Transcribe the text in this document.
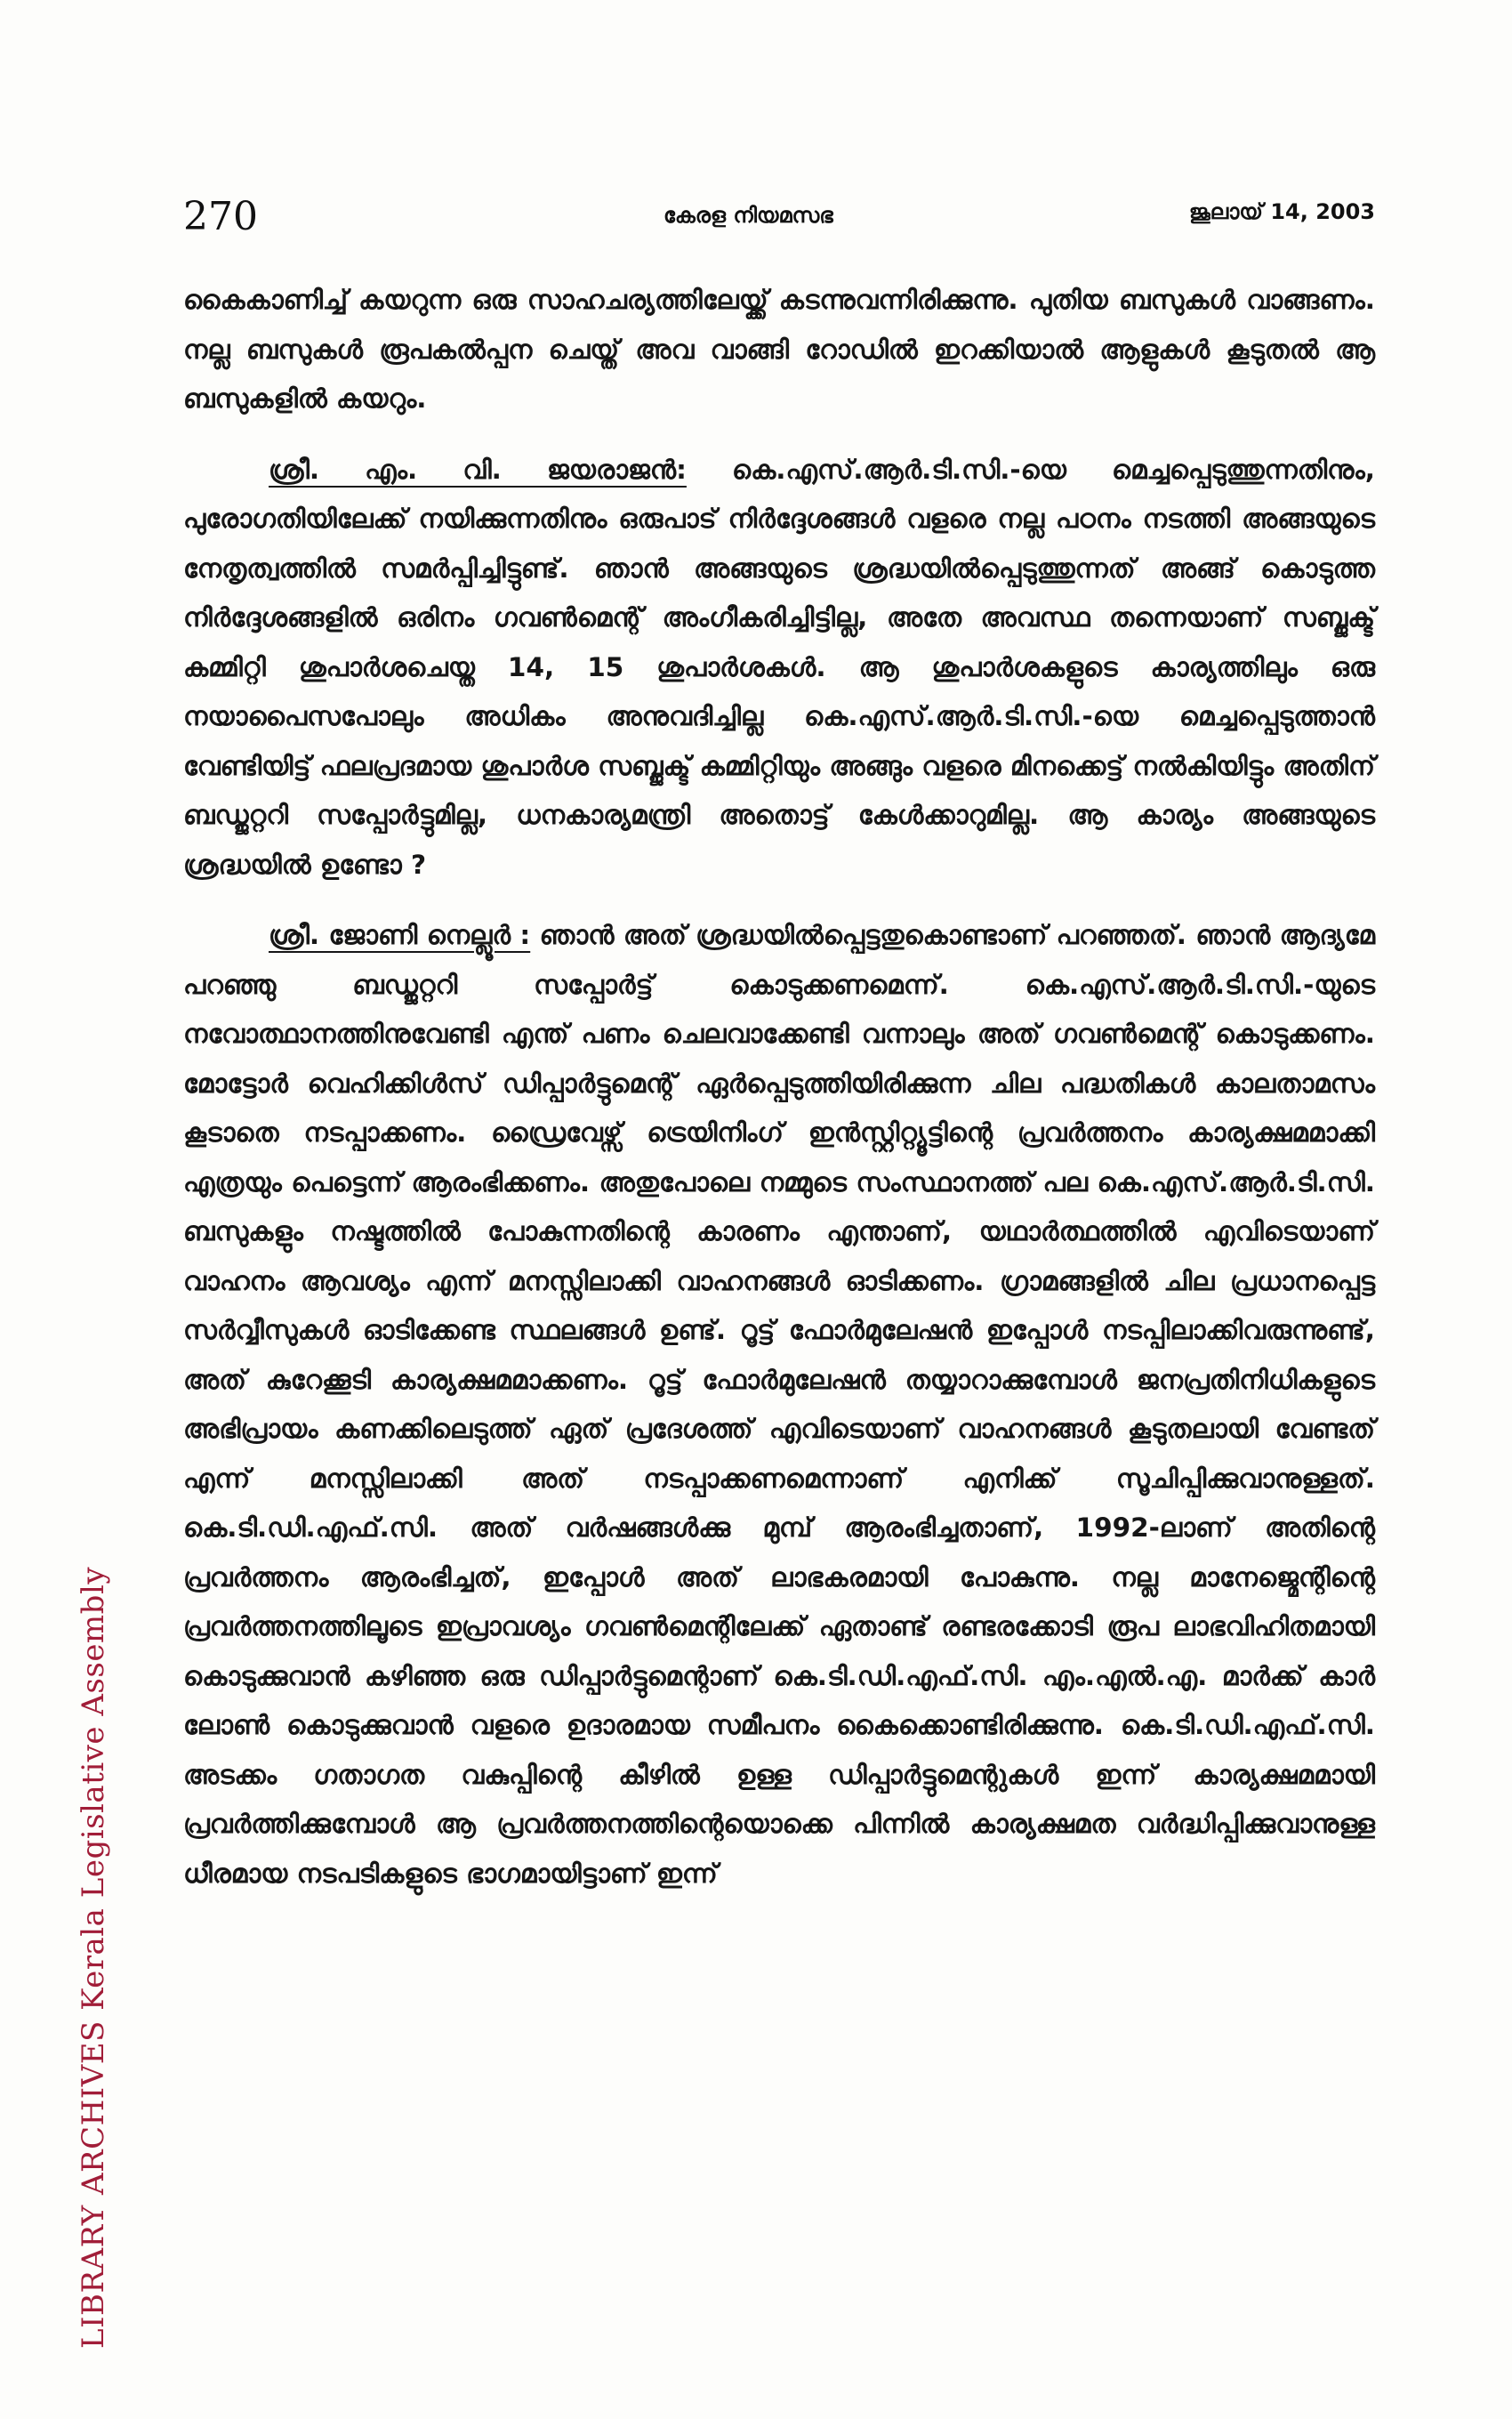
LIBRARY ARCHIVES Kerala Legislative Assembly
270	കേരള നിയമസഭ	ജൂലായ് 14, 2003

കൈകാണിച്ച് കയറുന്ന ഒരു സാഹചര്യത്തിലേയ്ക്ക് കടന്നുവന്നിരിക്കുന്നു. പുതിയ ബസുകൾ വാങ്ങണം. നല്ല ബസുകൾ രൂപകൽപ്പന ചെയ്ത് അവ വാങ്ങി റോഡിൽ ഇറക്കിയാൽ ആളുകൾ കൂടുതൽ ആ ബസുകളിൽ കയറും.

ശ്രീ. എം. വി. ജയരാജൻ: കെ.എസ്.ആർ.ടി.സി.-യെ മെച്ചപ്പെടുത്തുന്നതിനും, പുരോഗതിയിലേക്ക് നയിക്കുന്നതിനും ഒരുപാട് നിർദ്ദേശങ്ങൾ വളരെ നല്ല പഠനം നടത്തി അങ്ങയുടെ നേതൃത്വത്തിൽ സമർപ്പിച്ചിട്ടുണ്ട്. ഞാൻ അങ്ങയുടെ ശ്രദ്ധയിൽപ്പെടുത്തുന്നത് അങ്ങ് കൊടുത്ത നിർദ്ദേശങ്ങളിൽ ഒരിനം ഗവൺമെന്റ് അംഗീകരിച്ചിട്ടില്ല, അതേ അവസ്ഥ തന്നെയാണ് സബ്ജക്ട് കമ്മിറ്റി ശുപാർശചെയ്ത 14, 15 ശുപാർശകൾ. ആ ശുപാർശകളുടെ കാര്യത്തിലും ഒരു നയാപൈസപോലും അധികം അനുവദിച്ചില്ല കെ.എസ്.ആർ.ടി.സി.-യെ മെച്ചപ്പെടുത്താൻ വേണ്ടിയിട്ട് ഫലപ്രദമായ ശുപാർശ സബ്ജക്ട് കമ്മിറ്റിയും അങ്ങും വളരെ മിനക്കെട്ട് നൽകിയിട്ടും അതിന് ബഡ്ജറ്ററി സപ്പോർട്ടുമില്ല, ധനകാര്യമന്ത്രി അതൊട്ട് കേൾക്കാറുമില്ല. ആ കാര്യം അങ്ങയുടെ ശ്രദ്ധയിൽ ഉണ്ടോ ?

ശ്രീ. ജോണി നെല്ലൂർ : ഞാൻ അത് ശ്രദ്ധയിൽപ്പെട്ടതുകൊണ്ടാണ് പറഞ്ഞത്. ഞാൻ ആദ്യമേ പറഞ്ഞു ബഡ്ജറ്ററി സപ്പോർട്ട് കൊടുക്കണമെന്ന്. കെ.എസ്.ആർ.ടി.സി.-യുടെ നവോത്ഥാനത്തിനുവേണ്ടി എന്ത് പണം ചെലവാക്കേണ്ടി വന്നാലും അത് ഗവൺമെന്റ് കൊടുക്കണം. മോട്ടോർ വെഹിക്കിൾസ് ഡിപ്പാർട്ടുമെന്റ് ഏർപ്പെടുത്തിയിരിക്കുന്ന ചില പദ്ധതികൾ കാലതാമസം കൂടാതെ നടപ്പാക്കണം. ഡ്രൈവേഴ്സ് ട്രെയിനിംഗ് ഇൻസ്റ്റിറ്റ്യൂട്ടിന്റെ പ്രവർത്തനം കാര്യക്ഷമമാക്കി എത്രയും പെട്ടെന്ന് ആരംഭിക്കണം. അതുപോലെ നമ്മുടെ സംസ്ഥാനത്ത് പല കെ.എസ്.ആർ.ടി.സി. ബസുകളും നഷ്ടത്തിൽ പോകുന്നതിന്റെ കാരണം എന്താണ്, യഥാർത്ഥത്തിൽ എവിടെയാണ് വാഹനം ആവശ്യം എന്ന് മനസ്സിലാക്കി വാഹനങ്ങൾ ഓടിക്കണം. ഗ്രാമങ്ങളിൽ ചില പ്രധാനപ്പെട്ട സർവ്വീസുകൾ ഓടിക്കേണ്ട സ്ഥലങ്ങൾ ഉണ്ട്. റൂട്ട് ഫോർമുലേഷൻ ഇപ്പോൾ നടപ്പിലാക്കിവരുന്നുണ്ട്, അത് കുറേക്കൂടി കാര്യക്ഷമമാക്കണം. റൂട്ട് ഫോർമുലേഷൻ തയ്യാറാക്കുമ്പോൾ ജനപ്രതിനിധികളുടെ അഭിപ്രായം കണക്കിലെടുത്ത് ഏത് പ്രദേശത്ത് എവിടെയാണ് വാഹനങ്ങൾ കൂടുതലായി വേണ്ടത് എന്ന് മനസ്സിലാക്കി അത് നടപ്പാക്കണമെന്നാണ് എനിക്ക് സൂചിപ്പിക്കുവാനുള്ളത്. കെ.ടി.ഡി.എഫ്.സി. അത് വർഷങ്ങൾക്കു മുമ്പ് ആരംഭിച്ചതാണ്, 1992-ലാണ് അതിന്റെ പ്രവർത്തനം ആരംഭിച്ചത്, ഇപ്പോൾ അത് ലാഭകരമായി പോകുന്നു. നല്ല മാനേജ്മെന്റിന്റെ പ്രവർത്തനത്തിലൂടെ ഇപ്രാവശ്യം ഗവൺമെന്റിലേക്ക് ഏതാണ്ട് രണ്ടരക്കോടി രൂപ ലാഭവിഹിതമായി കൊടുക്കുവാൻ കഴിഞ്ഞ ഒരു ഡിപ്പാർട്ടുമെന്റാണ് കെ.ടി.ഡി.എഫ്.സി. എം.എൽ.എ. മാർക്ക് കാർ ലോൺ കൊടുക്കുവാൻ വളരെ ഉദാരമായ സമീപനം കൈക്കൊണ്ടിരിക്കുന്നു. കെ.ടി.ഡി.എഫ്.സി. അടക്കം ഗതാഗത വകുപ്പിന്റെ കീഴിൽ ഉള്ള ഡിപ്പാർട്ടുമെന്റുകൾ ഇന്ന് കാര്യക്ഷമമായി പ്രവർത്തിക്കുമ്പോൾ ആ പ്രവർത്തനത്തിന്റെയൊക്കെ പിന്നിൽ കാര്യക്ഷമത വർദ്ധിപ്പിക്കുവാനുള്ള ധീരമായ നടപടികളുടെ ഭാഗമായിട്ടാണ് ഇന്ന്
